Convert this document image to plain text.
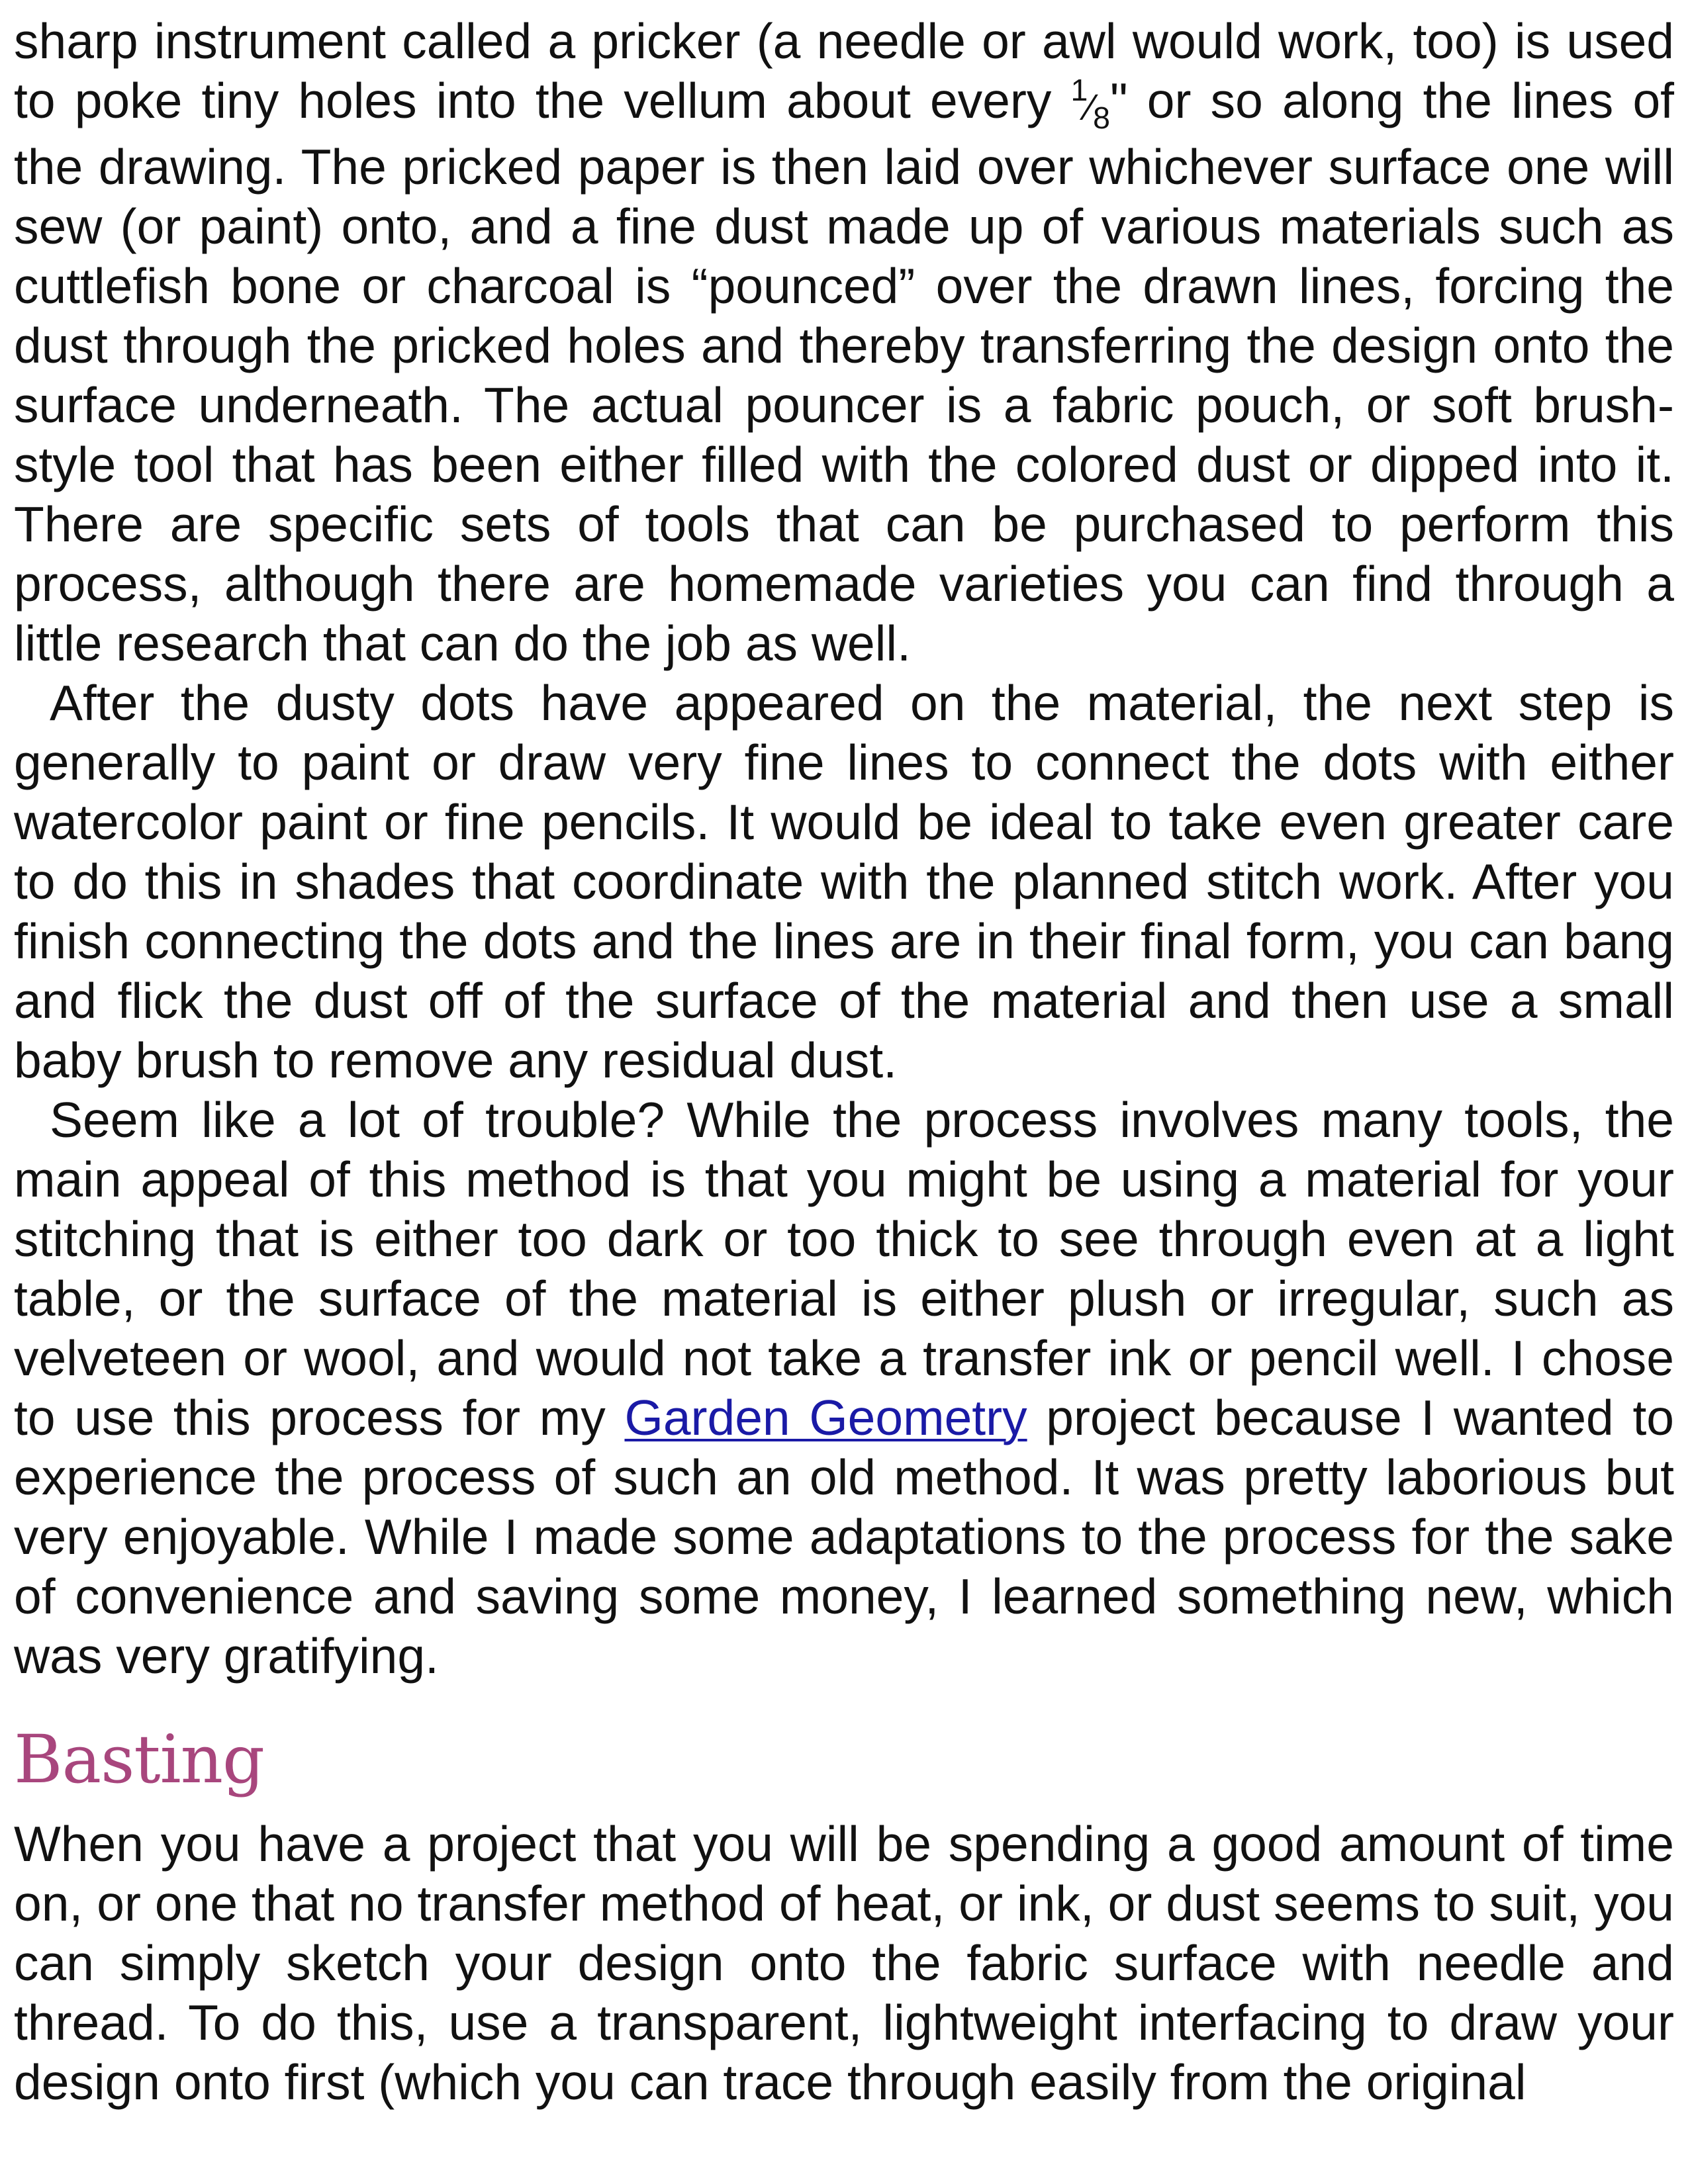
sharp instrument called a pricker (a needle or awl would work, too) is used to poke tiny holes into the vellum about every 1⁄8" or so along the lines of the drawing. The pricked paper is then laid over whichever surface one will sew (or paint) onto, and a fine dust made up of various materials such as cuttlefish bone or charcoal is “pounced” over the drawn lines, forcing the dust through the pricked holes and thereby transferring the design onto the surface underneath. The actual pouncer is a fabric pouch, or soft brush-style tool that has been either filled with the colored dust or dipped into it. There are specific sets of tools that can be purchased to perform this process, although there are homemade varieties you can find through a little research that can do the job as well.

After the dusty dots have appeared on the material, the next step is generally to paint or draw very fine lines to connect the dots with either watercolor paint or fine pencils. It would be ideal to take even greater care to do this in shades that coordinate with the planned stitch work. After you finish connecting the dots and the lines are in their final form, you can bang and flick the dust off of the surface of the material and then use a small baby brush to remove any residual dust.

Seem like a lot of trouble? While the process involves many tools, the main appeal of this method is that you might be using a material for your stitching that is either too dark or too thick to see through even at a light table, or the surface of the material is either plush or irregular, such as velveteen or wool, and would not take a transfer ink or pencil well. I chose to use this process for my Garden Geometry project because I wanted to experience the process of such an old method. It was pretty laborious but very enjoyable. While I made some adaptations to the process for the sake of convenience and saving some money, I learned something new, which was very gratifying.

Basting

When you have a project that you will be spending a good amount of time on, or one that no transfer method of heat, or ink, or dust seems to suit, you can simply sketch your design onto the fabric surface with needle and thread. To do this, use a transparent, lightweight interfacing to draw your design onto first (which you can trace through easily from the original
